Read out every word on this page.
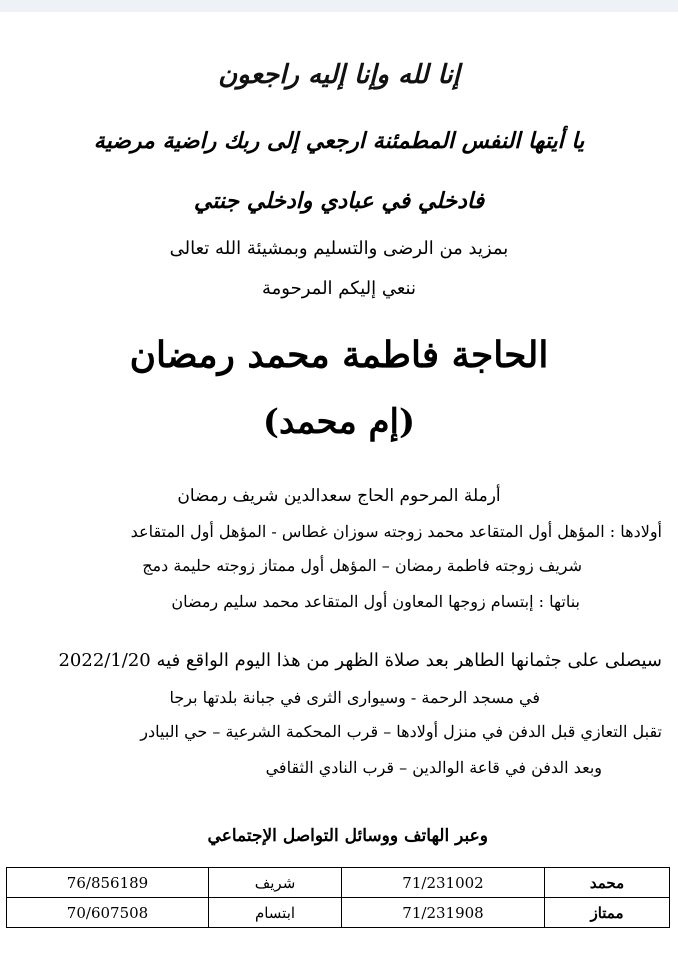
إنا لله وإنا إليه راجعون
يا أيتها النفس المطمئنة ارجعي إلى ربك راضية مرضية
فادخلي في عبادي وادخلي جنتي
بمزيد من الرضى والتسليم وبمشيئة الله تعالى
ننعي إليكم المرحومة
الحاجة فاطمة محمد رمضان
(إم محمد)
أرملة المرحوم الحاج سعدالدين شريف رمضان
أولادها : المؤهل أول المتقاعد محمد زوجته سوزان غطاس - المؤهل أول المتقاعد
شريف زوجته فاطمة رمضان – المؤهل أول ممتاز زوجته حليمة دمج
بناتها : إبتسام زوجها المعاون أول المتقاعد محمد سليم رمضان
سيصلى على جثمانها الطاهر بعد صلاة الظهر من هذا اليوم الواقع فيه 2022/1/20
في مسجد الرحمة - وسيوارى الثرى في جبانة بلدتها برجا
تقبل التعازي قبل الدفن في منزل أولادها – قرب المحكمة الشرعية – حي البيادر
وبعد الدفن في قاعة الوالدين – قرب النادي الثقافي
وعبر الهاتف ووسائل التواصل الإجتماعي
محمد	71/231002	شريف	76/856189
ممتاز	71/231908	ابتسام	70/607508
